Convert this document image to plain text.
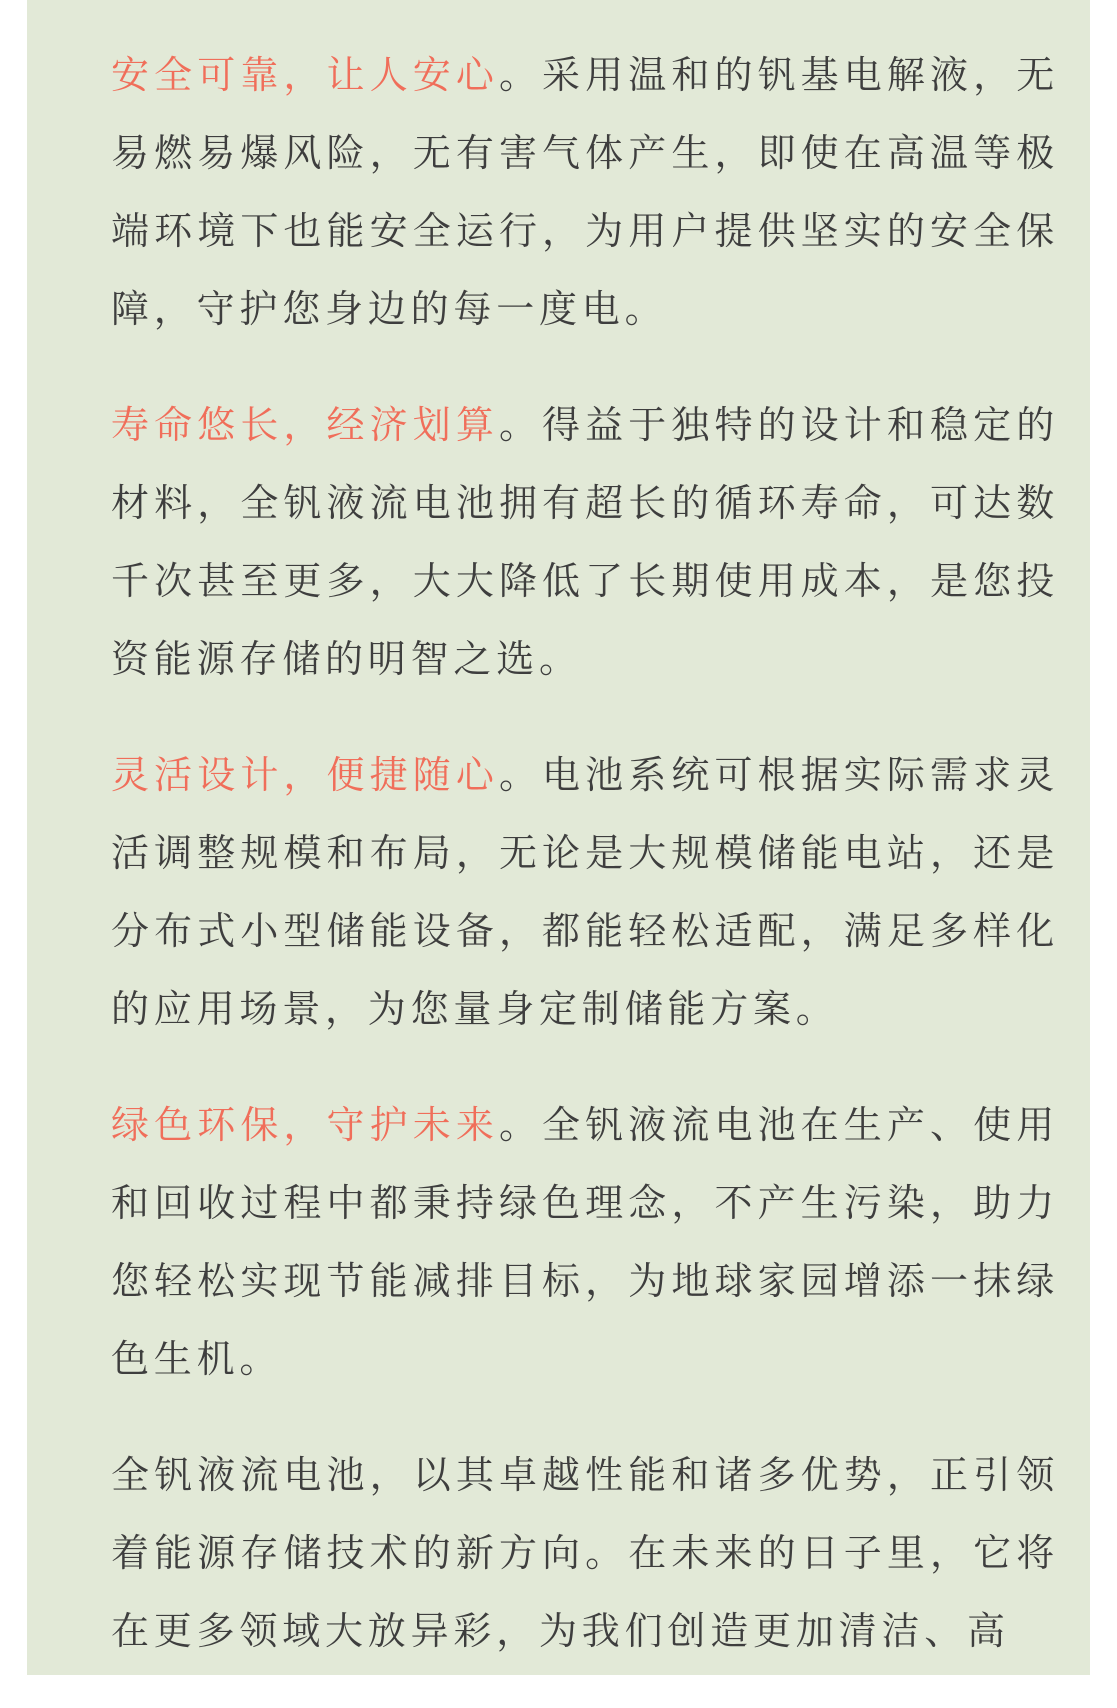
安全可靠，让人安心。采用温和的钒基电解液，无易燃易爆风险，无有害气体产生，即使在高温等极端环境下也能安全运行，为用户提供坚实的安全保障，守护您身边的每一度电。

寿命悠长，经济划算。得益于独特的设计和稳定的材料，全钒液流电池拥有超长的循环寿命，可达数千次甚至更多，大大降低了长期使用成本，是您投资能源存储的明智之选。

灵活设计，便捷随心。电池系统可根据实际需求灵活调整规模和布局，无论是大规模储能电站，还是分布式小型储能设备，都能轻松适配，满足多样化的应用场景，为您量身定制储能方案。

绿色环保，守护未来。全钒液流电池在生产、使用和回收过程中都秉持绿色理念，不产生污染，助力您轻松实现节能减排目标，为地球家园增添一抹绿色生机。

全钒液流电池，以其卓越性能和诸多优势，正引领着能源存储技术的新方向。在未来的日子里，它将在更多领域大放异彩，为我们创造更加清洁、高
